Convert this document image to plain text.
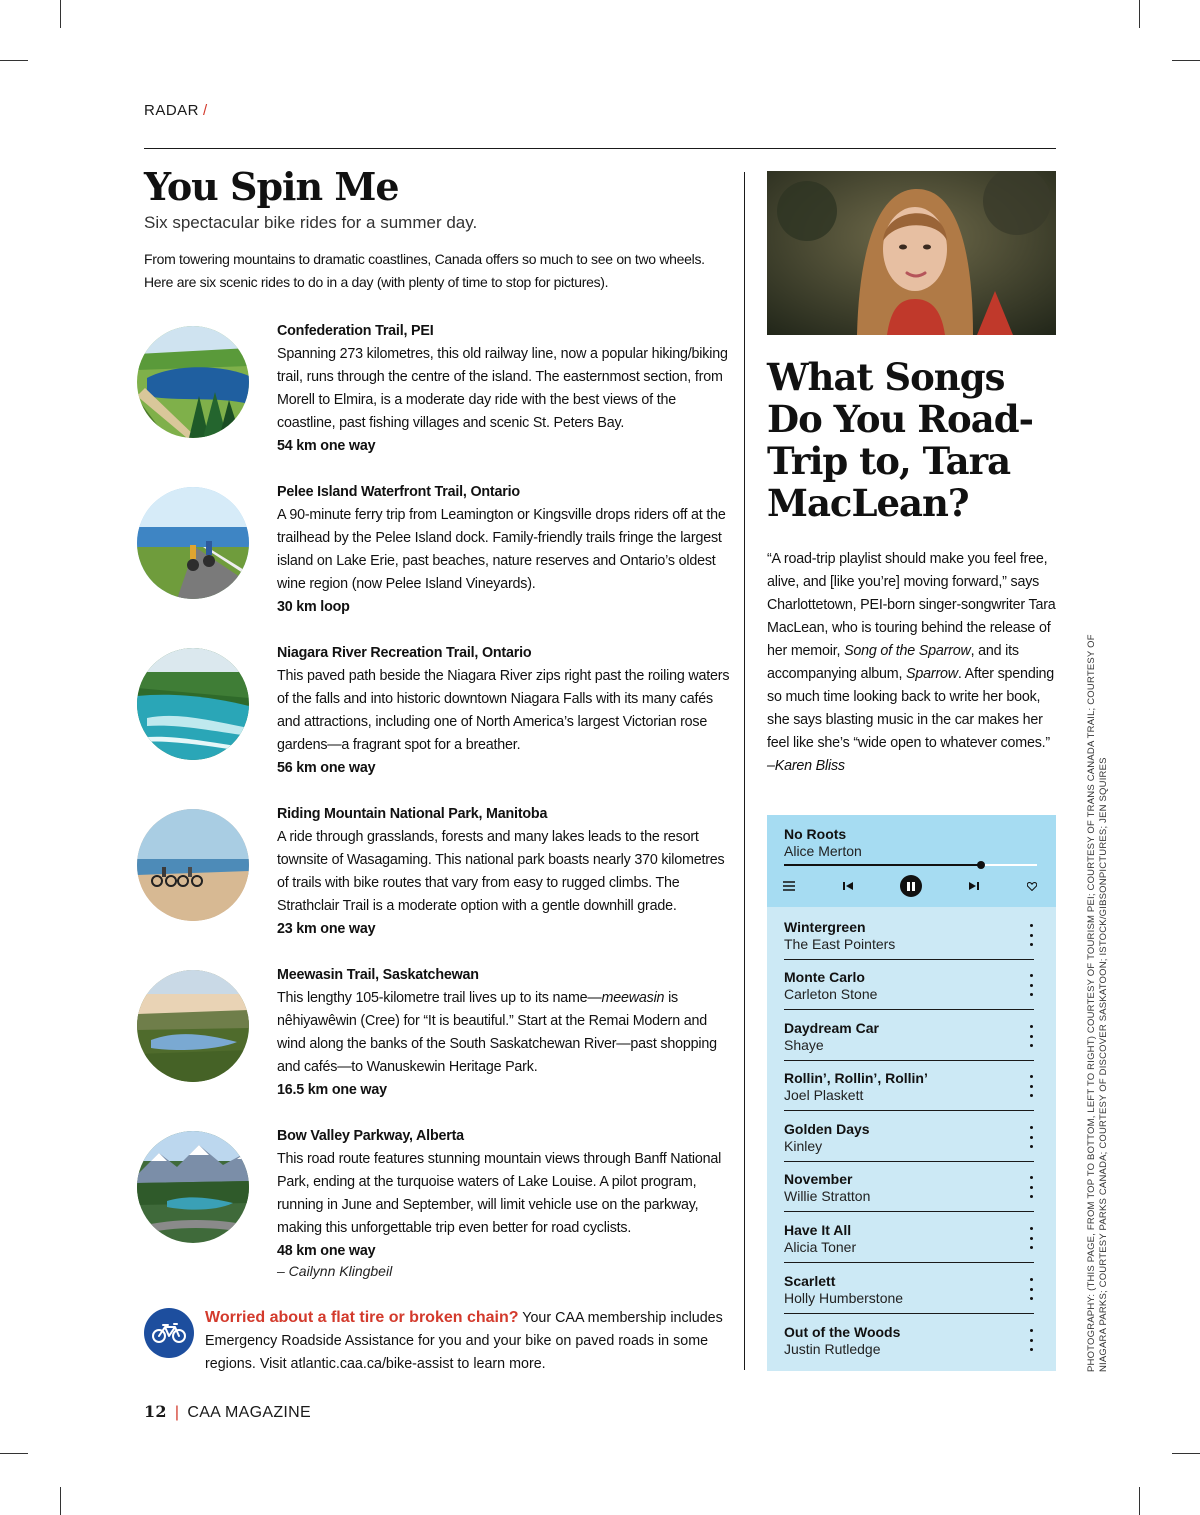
RADAR /
You Spin Me

Six spectacular bike rides for a summer day.

From towering mountains to dramatic coastlines, Canada offers so much to see on two wheels. Here are six scenic rides to do in a day (with plenty of time to stop for pictures).

Confederation Trail, PEI
Spanning 273 kilometres, this old railway line, now a popular hiking/biking trail, runs through the centre of the island. The easternmost section, from Morell to Elmira, is a moderate day ride with the best views of the coastline, past fishing villages and scenic St. Peters Bay.
54 km one way
Pelee Island Waterfront Trail, Ontario
A 90-minute ferry trip from Leamington or Kingsville drops riders off at the trailhead by the Pelee Island dock. Family-friendly trails fringe the largest island on Lake Erie, past beaches, nature reserves and Ontario’s oldest wine region (now Pelee Island Vineyards).
30 km loop
Niagara River Recreation Trail, Ontario
This paved path beside the Niagara River zips right past the roiling waters of the falls and into historic downtown Niagara Falls with its many cafés and attractions, including one of North America’s largest Victorian rose gardens—a fragrant spot for a breather.
56 km one way
Riding Mountain National Park, Manitoba
A ride through grasslands, forests and many lakes leads to the resort townsite of Wasagaming. This national park boasts nearly 370 kilometres of trails with bike routes that vary from easy to rugged climbs. The Strathclair Trail is a moderate option with a gentle downhill grade.
23 km one way
Meewasin Trail, Saskatchewan
This lengthy 105-kilometre trail lives up to its name—meewasin is nêhiyawêwin (Cree) for “It is beautiful.” Start at the Remai Modern and wind along the banks of the South Saskatchewan River—past shopping and cafés—to Wanuskewin Heritage Park.
16.5 km one way
Bow Valley Parkway, Alberta
This road route features stunning mountain views through Banff National Park, ending at the turquoise waters of Lake Louise. A pilot program, running in June and September, will limit vehicle use on the parkway, making this unforgettable trip even better for road cyclists.
48 km one way
– Cailynn Klingbeil
Worried about a flat tire or broken chain? Your CAA membership includes Emergency Roadside Assistance for you and your bike on paved roads in some regions. Visit atlantic.caa.ca/bike-assist to learn more.
12 | CAA MAGAZINE
What Songs Do You Road-Trip to, Tara MacLean?
“A road-trip playlist should make you feel free, alive, and [like you’re] moving forward,” says Charlottetown, PEI-born singer-songwriter Tara MacLean, who is touring behind the release of her memoir, Song of the Sparrow, and its accompanying album, Sparrow. After spending so much time looking back to write her book, she says blasting music in the car makes her feel like she’s “wide open to whatever comes.”
–Karen Bliss
No Roots
Alice Merton
Wintergreen
The East Pointers
Monte Carlo
Carleton Stone
Daydream Car
Shaye
Rollin’, Rollin’, Rollin’
Joel Plaskett
Golden Days
Kinley
November
Willie Stratton
Have It All
Alicia Toner
Scarlett
Holly Humberstone
Out of the Woods
Justin Rutledge	PHOTOGRAPHY: (THIS PAGE, FROM TOP TO BOTTOM, LEFT TO RIGHT) COURTESY OF TOURISM PEI; COURTESY OF TRANS CANADA TRAIL; COURTESY OF NIAGARA PARKS; COURTESY PARKS CANADA; COURTESY OF DISCOVER SASKATOON; ISTOCK/GIBSONPICTURES; JEN SQUIRES
